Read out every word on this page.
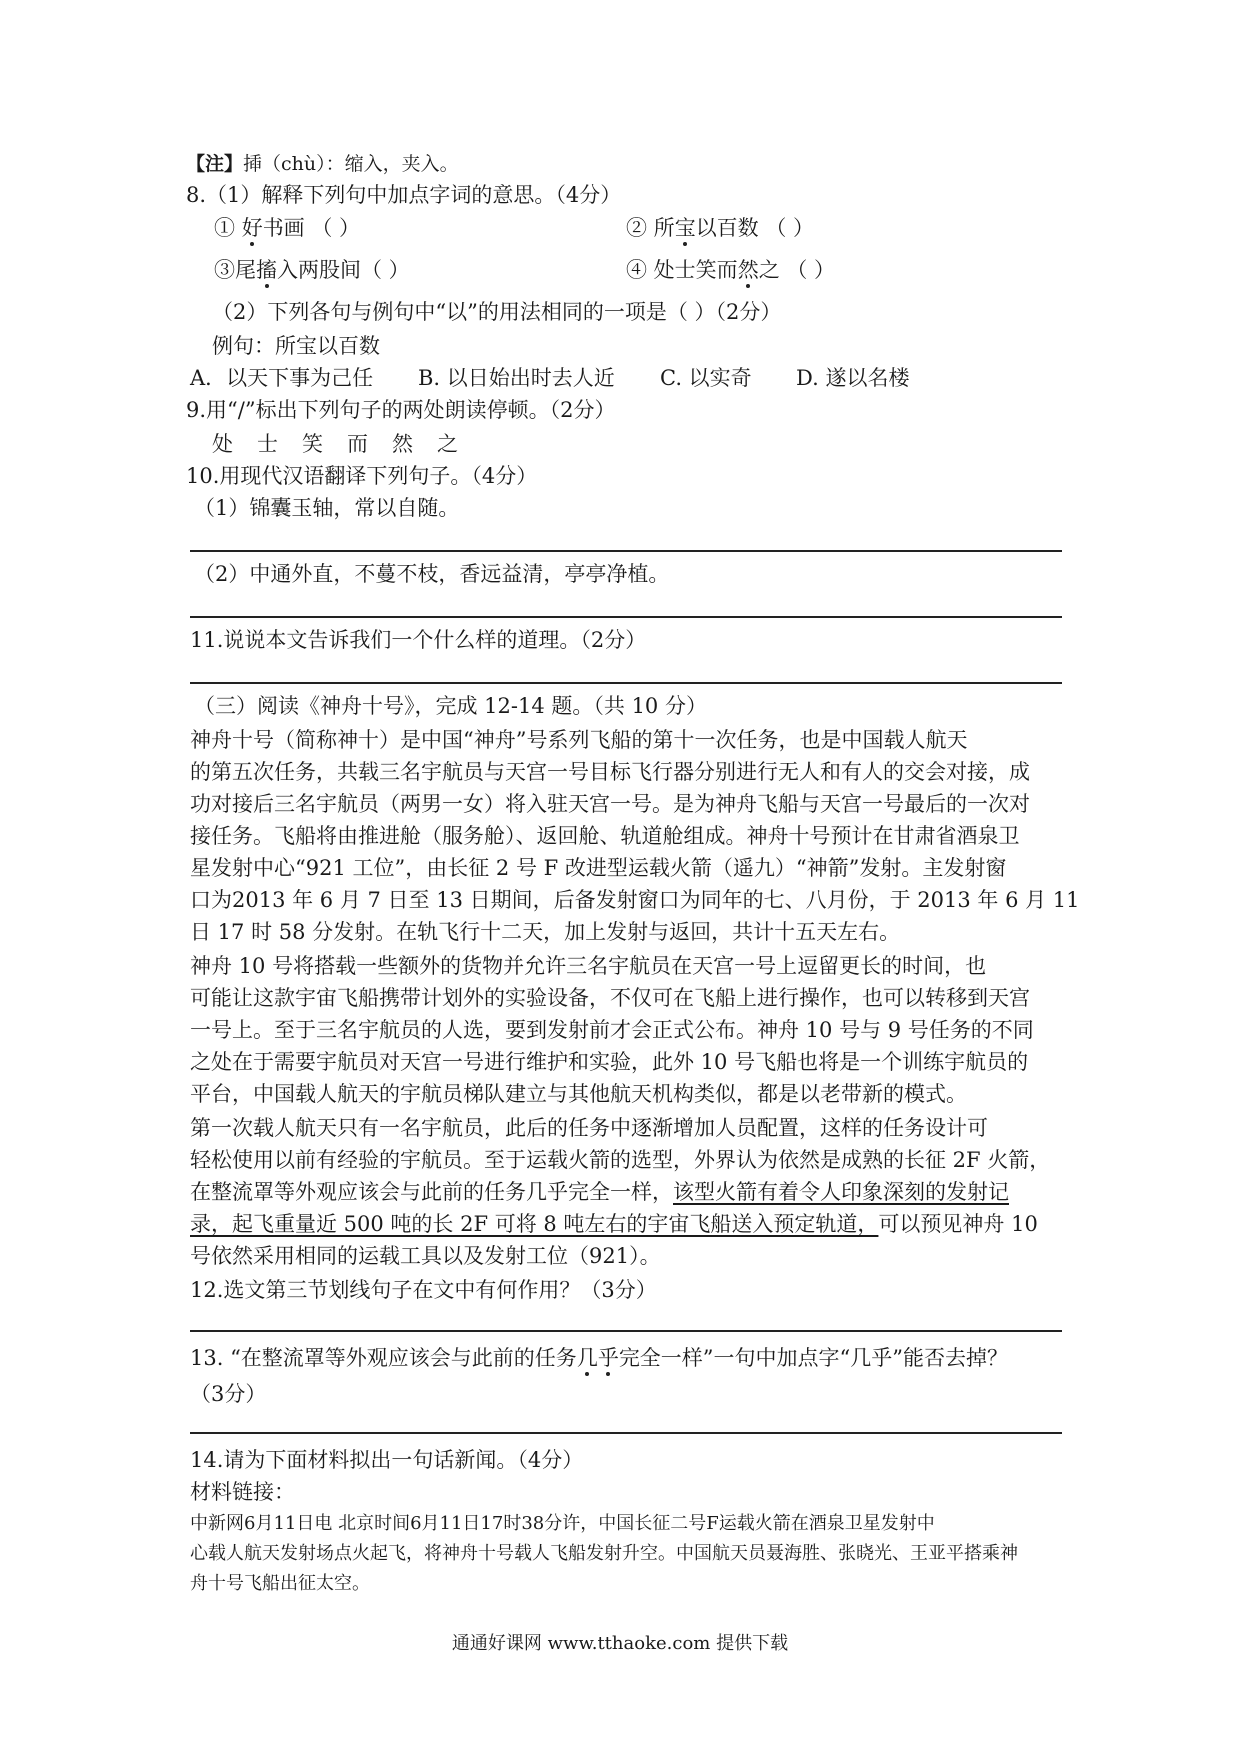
【注】揷（chù）：缩入，夹入。
8.（1）解释下列句中加点字词的意思。（4分）
① 好书画 （ ）	② 所宝以百数 （ ）
③尾搐入两股间（ ）	④ 处士笑而然之 （ ）
（2）下列各句与例句中“以”的用法相同的一项是（ ）（2分）
例句：所宝以百数
A．以天下事为己任 B. 以日始出时去人近 C. 以实奇 D. 遂以名楼
9.用“/”标出下列句子的两处朗读停顿。（2分）
处士笑而然之
10.用现代汉语翻译下列句子。（4分）
（1）锦囊玉轴，常以自随。
（2）中通外直，不蔓不枝，香远益清，亭亭净植。
11.说说本文告诉我们一个什么样的道理。（2分）
（三）阅读《神舟十号》，完成 12-14 题。（共 10 分）
神舟十号（简称神十）是中国“神舟”号系列飞船的第十一次任务，也是中国载人航天
的第五次任务，共载三名宇航员与天宫一号目标飞行器分别进行无人和有人的交会对接，成
功对接后三名宇航员（两男一女）将入驻天宫一号。是为神舟飞船与天宫一号最后的一次对
接任务。飞船将由推进舱（服务舱）、返回舱、轨道舱组成。神舟十号预计在甘肃省酒泉卫
星发射中心“921 工位”，由长征 2 号 F 改进型运载火箭（遥九）“神箭”发射。主发射窗
口为2013 年 6 月 7 日至 13 日期间，后备发射窗口为同年的七、八月份，于 2013 年 6 月 11
日 17 时 58 分发射。在轨飞行十二天，加上发射与返回，共计十五天左右。
神舟 10 号将搭载一些额外的货物并允许三名宇航员在天宫一号上逗留更长的时间，也
可能让这款宇宙飞船携带计划外的实验设备，不仅可在飞船上进行操作，也可以转移到天宫
一号上。至于三名宇航员的人选，要到发射前才会正式公布。神舟 10 号与 9 号任务的不同
之处在于需要宇航员对天宫一号进行维护和实验，此外 10 号飞船也将是一个训练宇航员的
平台，中国载人航天的宇航员梯队建立与其他航天机构类似，都是以老带新的模式。
第一次载人航天只有一名宇航员，此后的任务中逐渐增加人员配置，这样的任务设计可
轻松使用以前有经验的宇航员。至于运载火箭的选型，外界认为依然是成熟的长征 2F 火箭，
在整流罩等外观应该会与此前的任务几乎完全一样，该型火箭有着令人印象深刻的发射记
录，起飞重量近 500 吨的长 2F 可将 8 吨左右的宇宙飞船送入预定轨道，可以预见神舟 10
号依然采用相同的运载工具以及发射工位（921）。
12.选文第三节划线句子在文中有何作用？（3分）
13. “在整流罩等外观应该会与此前的任务几乎完全一样”一句中加点字“几乎”能否去掉？
（3分）
14.请为下面材料拟出一句话新闻。（4分）
材料链接：
中新网6月11日电 北京时间6月11日17时38分许，中国长征二号F运载火箭在酒泉卫星发射中
心载人航天发射场点火起飞，将神舟十号载人飞船发射升空。中国航天员聂海胜、张晓光、王亚平搭乘神
舟十号飞船出征太空。
通通好课网 www.tthaoke.com 提供下载
